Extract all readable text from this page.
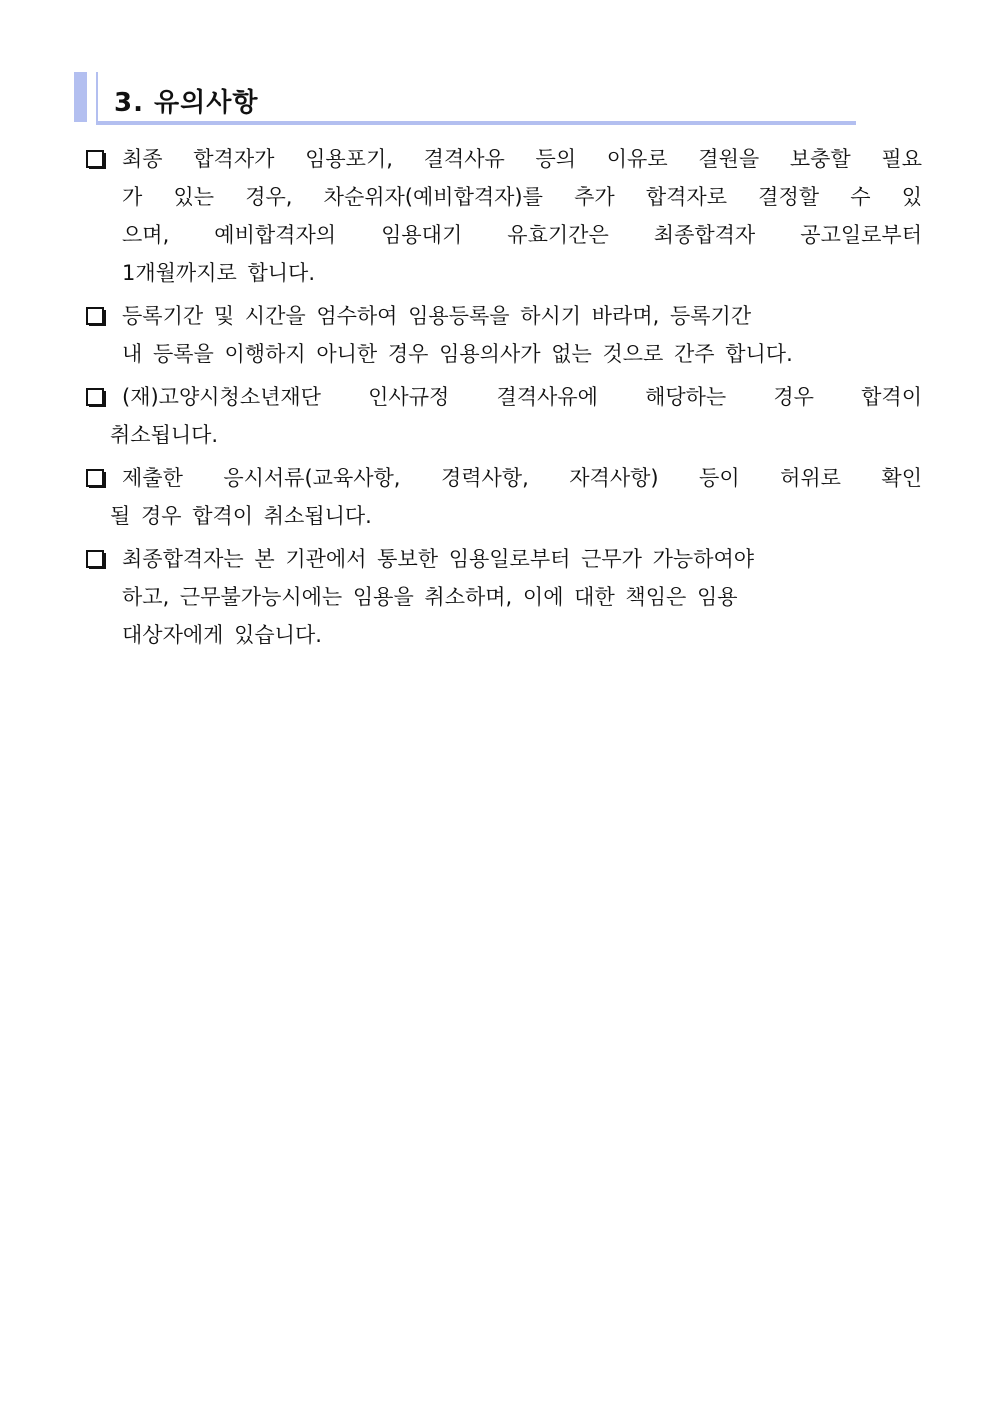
3. 유의사항
최종 합격자가 임용포기, 결격사유 등의 이유로 결원을 보충할 필요
가 있는 경우, 차순위자(예비합격자)를 추가 합격자로 결정할 수 있
으며, 예비합격자의 임용대기 유효기간은 최종합격자 공고일로부터
1개월까지로 합니다.
등록기간 및 시간을 엄수하여 임용등록을 하시기 바라며, 등록기간
내 등록을 이행하지 아니한 경우 임용의사가 없는 것으로 간주 합니다.
(재)고양시청소년재단 인사규정 결격사유에 해당하는 경우 합격이
취소됩니다.
제출한 응시서류(교육사항, 경력사항, 자격사항) 등이 허위로 확인
될 경우 합격이 취소됩니다.
최종합격자는 본 기관에서 통보한 임용일로부터 근무가 가능하여야
하고, 근무불가능시에는 임용을 취소하며, 이에 대한 책임은 임용
대상자에게 있습니다.
